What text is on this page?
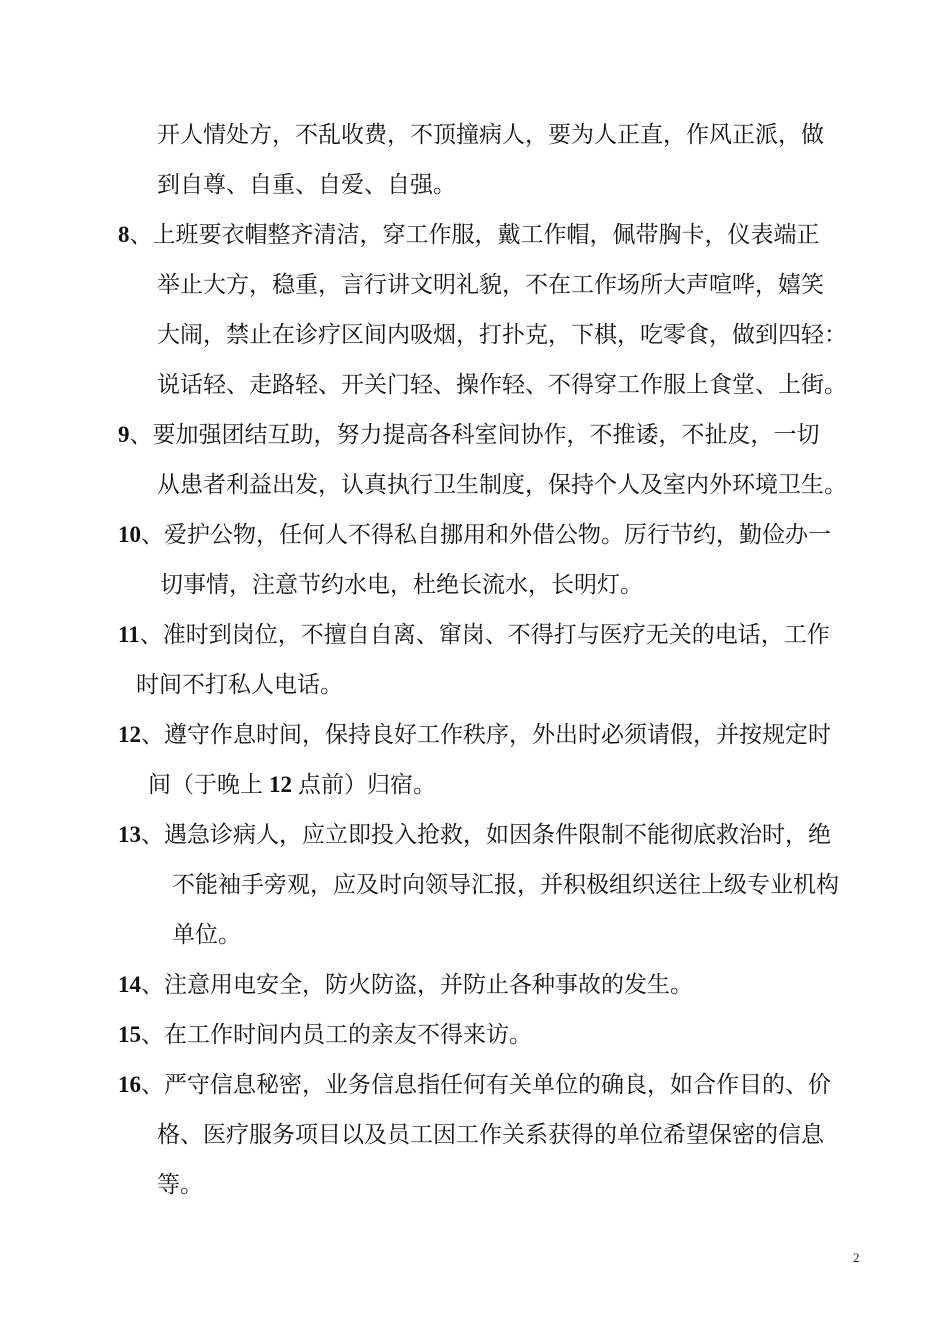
开人情处方，不乱收费，不顶撞病人，要为人正直，作风正派，做
到自尊、自重、自爱、自强。
8、上班要衣帽整齐清洁，穿工作服，戴工作帽，佩带胸卡，仪表端正
举止大方，稳重，言行讲文明礼貌，不在工作场所大声喧哗，嬉笑
大闹，禁止在诊疗区间内吸烟，打扑克，下棋，吃零食，做到四轻：
说话轻、走路轻、开关门轻、操作轻、不得穿工作服上食堂、上街。
9、要加强团结互助，努力提高各科室间协作，不推诿，不扯皮，一切
从患者利益出发，认真执行卫生制度，保持个人及室内外环境卫生。
10、爱护公物，任何人不得私自挪用和外借公物。厉行节约，勤俭办一
切事情，注意节约水电，杜绝长流水，长明灯。
11、准时到岗位，不擅自自离、窜岗、不得打与医疗无关的电话，工作
时间不打私人电话。
12、遵守作息时间，保持良好工作秩序，外出时必须请假，并按规定时
间（于晚上 12 点前）归宿。
13、遇急诊病人，应立即投入抢救，如因条件限制不能彻底救治时，绝
不能袖手旁观，应及时向领导汇报，并积极组织送往上级专业机构
单位。
14、注意用电安全，防火防盗，并防止各种事故的发生。
15、在工作时间内员工的亲友不得来访。
16、严守信息秘密，业务信息指任何有关单位的确良，如合作目的、价
格、医疗服务项目以及员工因工作关系获得的单位希望保密的信息
等。
2
